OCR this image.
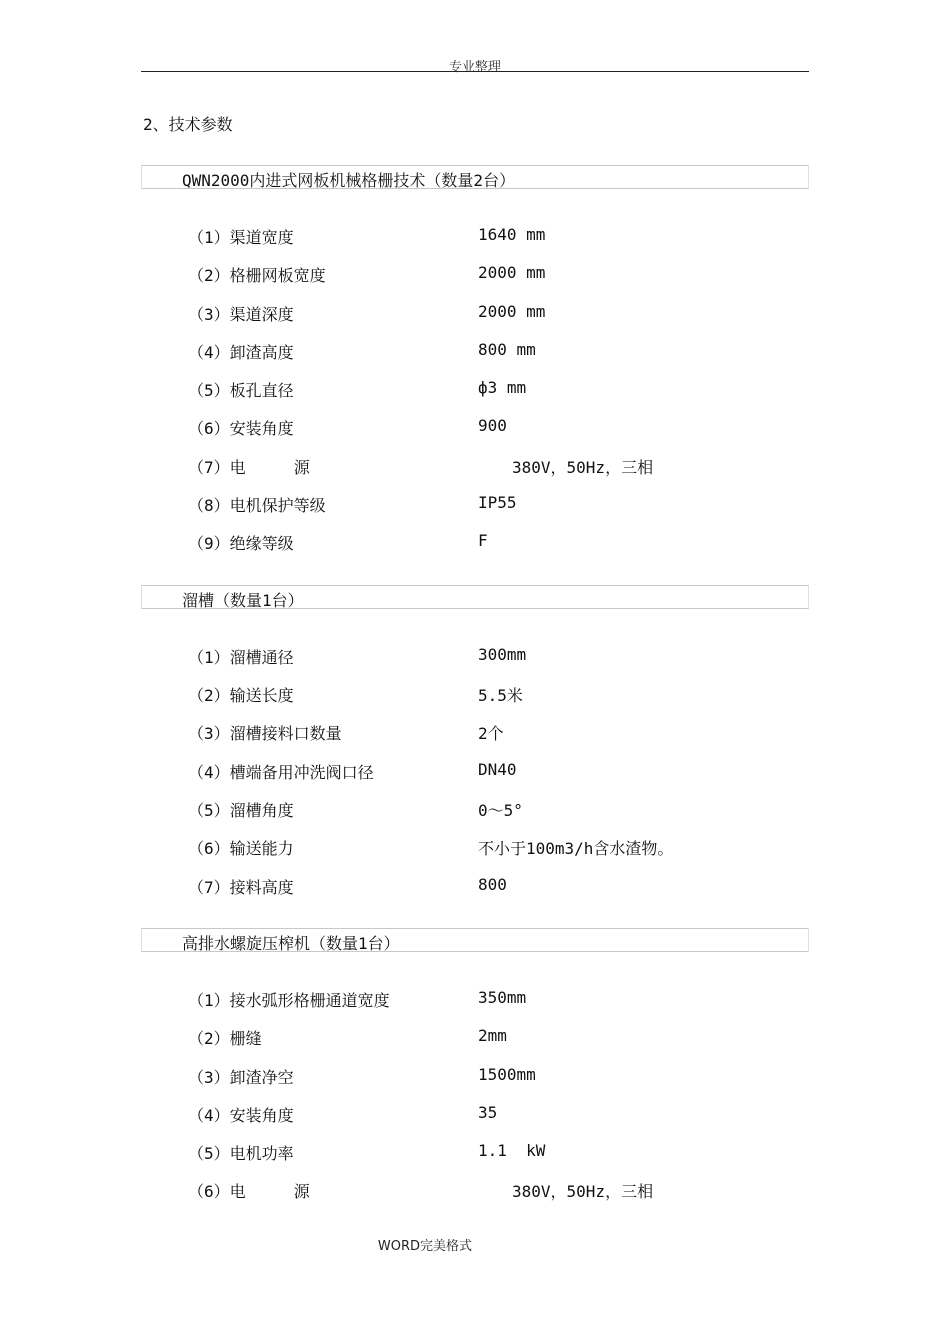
专业整理
2、技术参数
QWN2000内进式网板机械格栅技术（数量2台）
（1）渠道宽度	1640 mm
（2）格栅网板宽度	2000 mm
（3）渠道深度	2000 mm
（4）卸渣高度	800 mm
（5）板孔直径	ф3 mm
（6）安装角度	900
（7）电     源	380V，50Hz，三相
（8）电机保护等级	IP55
（9）绝缘等级	F
溜槽（数量1台）
（1）溜槽通径	300mm
（2）输送长度	5.5米
（3）溜槽接料口数量	2个
（4）槽端备用冲洗阀口径	DN40
（5）溜槽角度	0～5°
（6）输送能力	不小于100m3/h含水渣物。
（7）接料高度	800
高排水螺旋压榨机（数量1台）
（1）接水弧形格栅通道宽度	350mm
（2）栅缝	2mm
（3）卸渣净空	1500mm
（4）安装角度	35
（5）电机功率	1.1  kW
（6）电     源	380V，50Hz，三相
WORD完美格式
